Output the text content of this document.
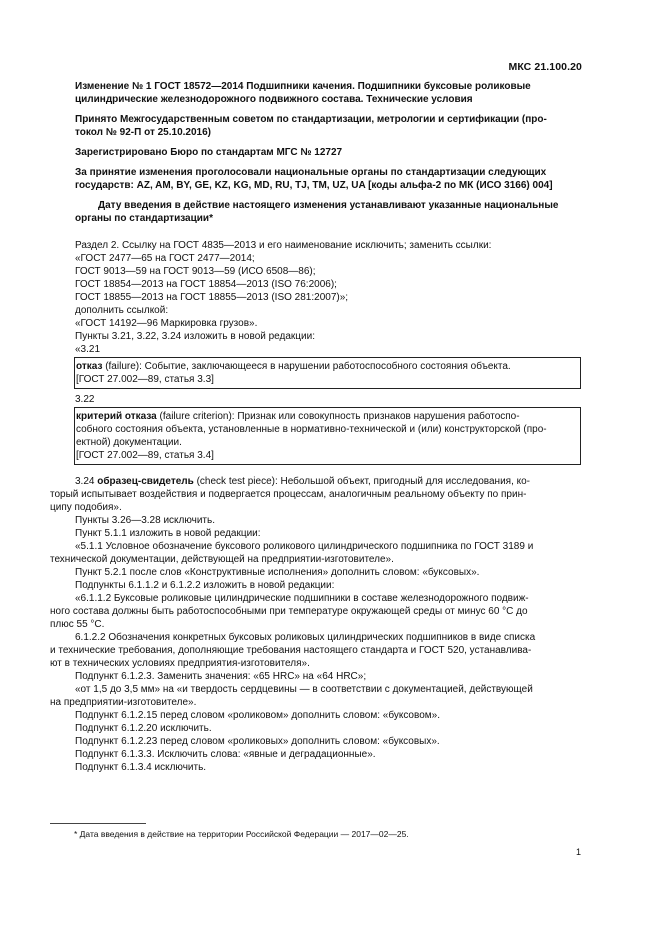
МКС 21.100.20
Изменение № 1 ГОСТ 18572—2014 Подшипники качения. Подшипники буксовые роликовые
цилиндрические железнодорожного подвижного состава. Технические условия
Принято Межгосударственным советом по стандартизации, метрологии и сертификации (про-
токол № 92-П от 25.10.2016)
Зарегистрировано Бюро по стандартам МГС № 12727
За принятие изменения проголосовали национальные органы по стандартизации следующих
государств: AZ, AM, BY, GE, KZ, KG, MD, RU, TJ, TM, UZ, UA [коды альфа-2 по МК (ИСО 3166) 004]
Дату введения в действие настоящего изменения устанавливают указанные национальные
органы по стандартизации*
Раздел 2. Ссылку на ГОСТ 4835—2013 и его наименование исключить; заменить ссылки:
«ГОСТ 2477—65 на ГОСТ 2477—2014;
ГОСТ 9013—59 на ГОСТ 9013—59 (ИСО 6508—86);
ГОСТ 18854—2013 на ГОСТ 18854—2013 (ISO 76:2006);
ГОСТ 18855—2013 на ГОСТ 18855—2013 (ISO 281:2007)»;
дополнить ссылкой:
«ГОСТ 14192—96 Маркировка грузов».
Пункты 3.21, 3.22, 3.24 изложить в новой редакции:
«3.21
отказ (failure): Событие, заключающееся в нарушении работоспособного состояния объекта.
[ГОСТ 27.002—89, статья 3.3]
3.22
критерий отказа (failure criterion): Признак или совокупность признаков нарушения работоспо-
собного состояния объекта, установленные в нормативно-технической и (или) конструкторской (про-
ектной) документации.
[ГОСТ 27.002—89, статья 3.4]
3.24 образец-свидетель (check test piece): Небольшой объект, пригодный для исследования, ко-
торый испытывает воздействия и подвергается процессам, аналогичным реальному объекту по прин-
ципу подобия».
Пункты 3.26—3.28 исключить.
Пункт 5.1.1 изложить в новой редакции:
«5.1.1 Условное обозначение буксового роликового цилиндрического подшипника по ГОСТ 3189 и
технической документации, действующей на предприятии-изготовителе».
Пункт 5.2.1 после слов «Конструктивные исполнения» дополнить словом: «буксовых».
Подпункты 6.1.1.2 и 6.1.2.2 изложить в новой редакции:
«6.1.1.2 Буксовые роликовые цилиндрические подшипники в составе железнодорожного подвиж-
ного состава должны быть работоспособными при температуре окружающей среды от минус 60 °С до
плюс 55 °С.
6.1.2.2 Обозначения конкретных буксовых роликовых цилиндрических подшипников в виде списка
и технические требования, дополняющие требования настоящего стандарта и ГОСТ 520, устанавлива-
ют в технических условиях предприятия-изготовителя».
Подпункт 6.1.2.3. Заменить значения: «65 HRC» на «64 HRC»;
«от 1,5 до 3,5 мм» на «и твердость сердцевины — в соответствии с документацией, действующей
на предприятии-изготовителе».
Подпункт 6.1.2.15 перед словом «роликовом» дополнить словом: «буксовом».
Подпункт 6.1.2.20 исключить.
Подпункт 6.1.2.23 перед словом «роликовых» дополнить словом: «буксовых».
Подпункт 6.1.3.3. Исключить слова: «явные и деградационные».
Подпункт 6.1.3.4 исключить.
* Дата введения в действие на территории Российской Федерации — 2017—02—25.
1
